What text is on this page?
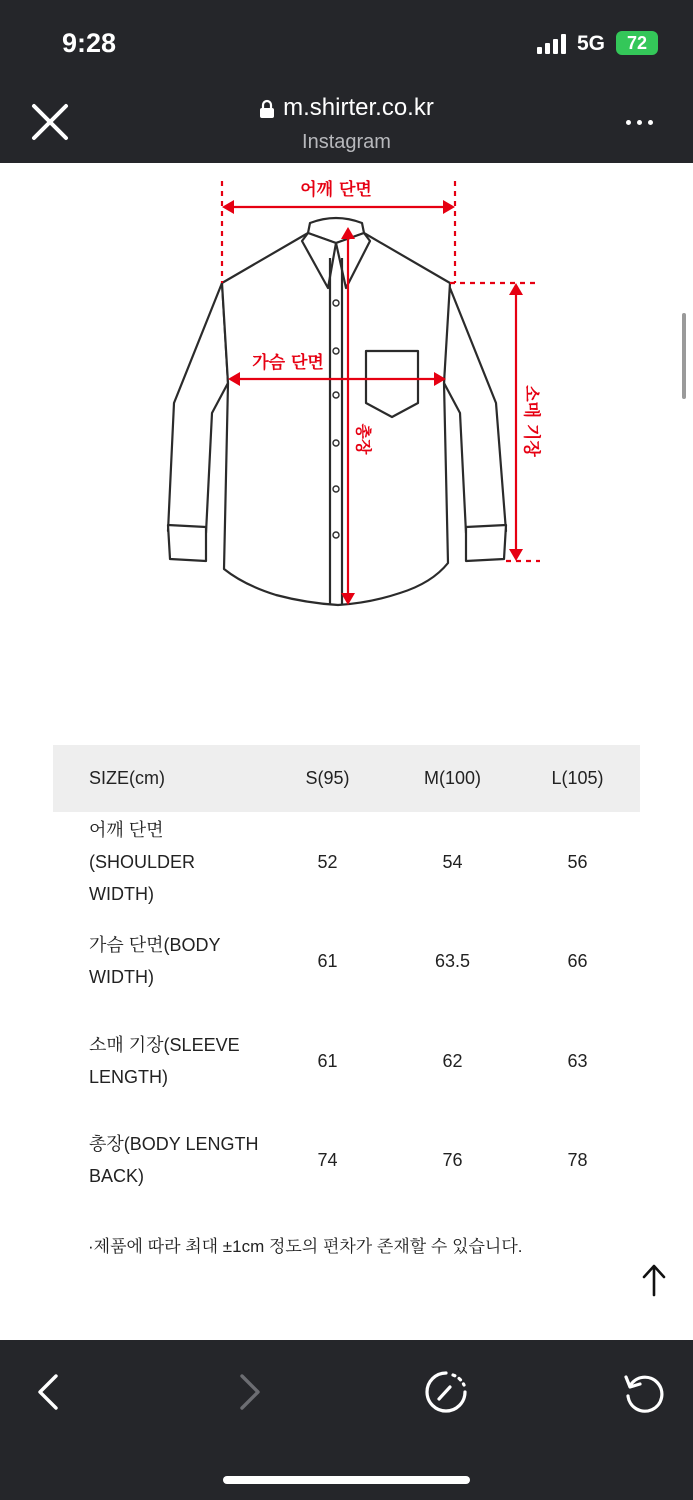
9:28	5G	72
m.shirter.co.kr
Instagram
어깨 단면
가슴 단면
총장	소매 기장
SIZE(cm)	S(95)	M(100)	L(105)
어깨 단면(SHOULDER
WIDTH)	52	54	56
가슴 단면(BODY
WIDTH)	61	63.5	66
소매 기장(SLEEVE
LENGTH)	61	62	63
총장(BODY LENGTH
BACK)	74	76	78
·제품에 따라 최대 ±1cm 정도의 편차가 존재할 수 있습니다.
